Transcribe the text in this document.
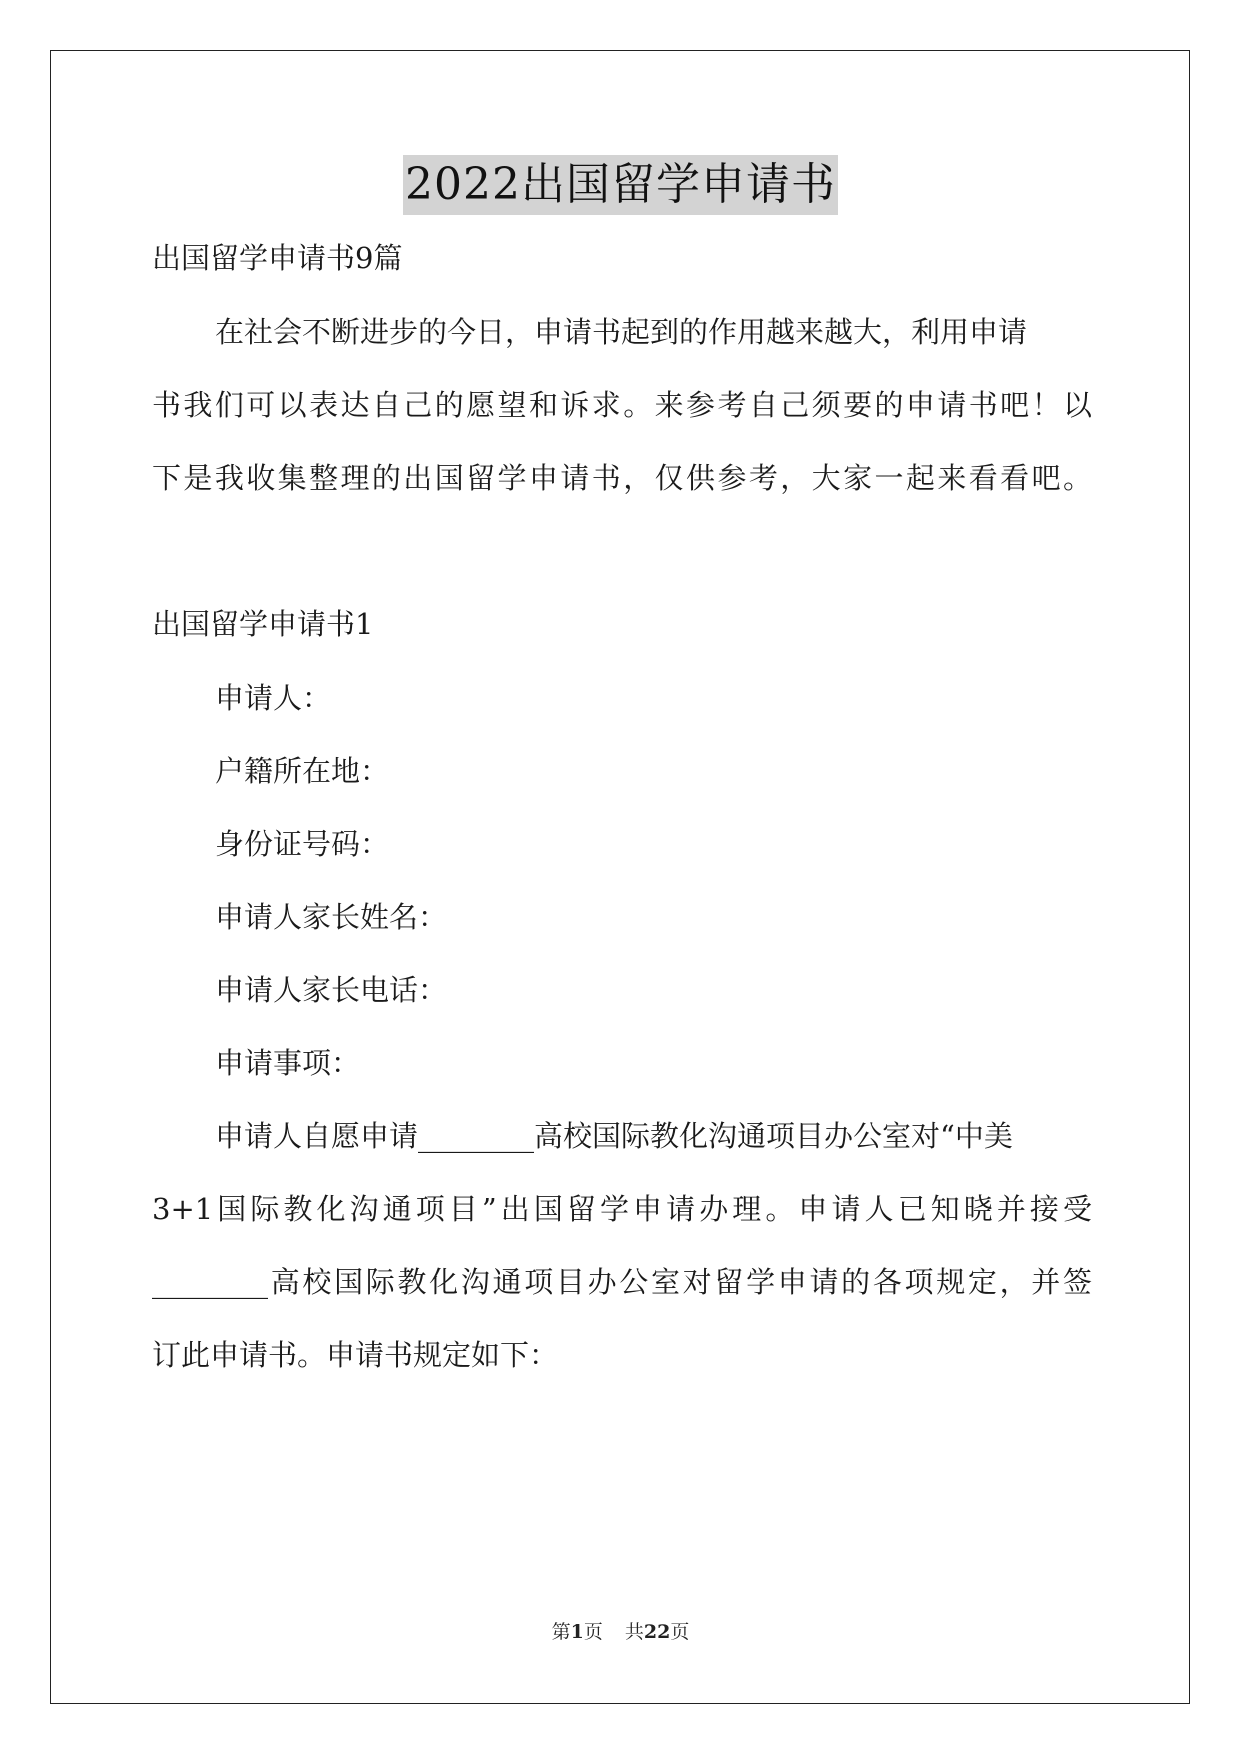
2022出国留学申请书
出国留学申请书9篇
在社会不断进步的今日，申请书起到的作用越来越大，利用申请
书我们可以表达自己的愿望和诉求。来参考自己须要的申请书吧！以
下是我收集整理的出国留学申请书，仅供参考，大家一起来看看吧。
出国留学申请书1
申请人：
户籍所在地：
身份证号码：
申请人家长姓名：
申请人家长电话：
申请事项：
申请人自愿申请________高校国际教化沟通项目办公室对“中美
3+1国际教化沟通项目”出国留学申请办理。申请人已知晓并接受
________高校国际教化沟通项目办公室对留学申请的各项规定，并签
订此申请书。申请书规定如下：
第1页 共22页
